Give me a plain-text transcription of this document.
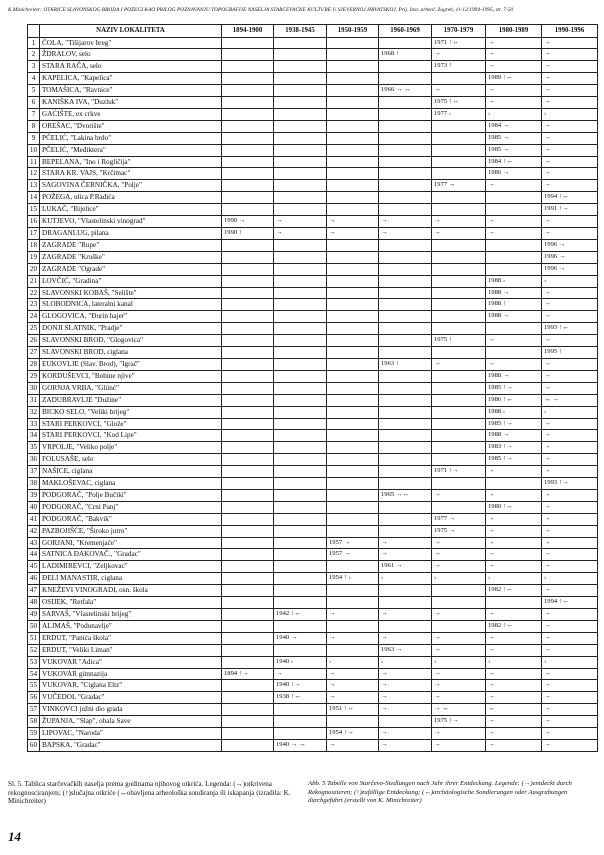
K.Minichreiter: OTKRIĆE SLAVONSKOG BRODA I POŽEGI KAO PRILOG POZNAVANJU TOPOGRAFIJE NASELJA STARČEVAČKE KULTURE U SJEVERNOJ HRVATSKOJ, Prij. Inst. arheol. Zagreb, 11-12/1994-1995, str. 7-50
	NAZIV LOKALITETA	1894-1900	1938-1945	1950-1959	1960-1969	1970-1979	1980-1989	1990-1996
1	ČOLA, "Tišijarov breg"					1971 ↑↔	→	→
2	ŽDRALOV, selo				1968 ↑	→	→	→
3	STARA RAČA, selo					1973 ↑	→	→
4	KAPELICA, "Kapelica"						1989 ↑↔	→
5	TOMAŠICA, "Ravnice"				1966 → ↔	→	→	→
6	KANIŠKA IVA, "Duzluk"					1975 ↑↔	→	→
7	GAĆIŠTE, ex crkve					1977 ›	›	›
8	OREŠAC, "Dvorište"						1984 →	→
9	PČELIĆ, "Lakina brdo"						1985 →	→
10	PČELIĆ, "Međiktera"						1985 →	→
11	BEPELANA, "Ino i Rogličija"						1984 ↑↔	→
12	STARA KR. VAJS, "Krčimac"						1986 →	→
13	SAGOVINA ČERNIČKA, "Polje"					1977 ↔	→	→
14	POŽEGA, ulica P.Radića							1994 ↑↔
15	LUKAČ, "Bijelice"							1991 ↑→
16	KUTJEVO, "Vlastelinski vinograd"	1990 →	→	→	→	→	→	→
17	DRAGANLUG, pilana	1990 ↑	→	→	→	→	→	→
18	ZAGRADE "Rupe"							1996 →
19	ZAGRADE "Kruške"							1996 →
20	ZAGRADE "Ograde"							1996 →
21	LOVČIĆ, "Gradina"						1988 ›	›
22	SLAVONSKI KOBAŠ, "Selište"						1988 →	→
23	SLOBODNICA, lateralni kanal						1988 ↑	→
24	GLOGOVICA, "Đurin hajer"						1988 →	→
25	DONJI SLATNIK, "Pradje"							1993 ↑↔
26	SLAVONSKI BROD, "Glogovica"					1975 ↑	→	→
27	SLAVONSKI BROD, ciglana							1995 ↑
28	EUKOVLJE (Slav. Brod), "Igrač"				1963 ↑	→	→	→
29	KORDUŠEVCI, "Bobine njive"						1988 →	→
30	GORNJA VRBA, "Gliinć"						1985 ↑→	→
31	ZADUBRAVLJE "Dužine"						1986 ↑↔	↔ →
32	BICKO SELO, "Veliki brijeg"						1988 ›	›
33	STARI PERKOVCI, "Glože"						1985 ↑→	→
34	STARI PERKOVCI, "Kod Lipe"						1988 →	→
35	VRPOLJE, "Veliko polje"						1983 ↑→	→
36	FOLUSAŠE, selo						1985 ↑→	→
37	NAŠICE, ciglana					1971 ↑→	→	→
38	MAKLOŠEVAC, ciglana							1993 ↑→
39	PODGORAČ, "Polje Bučiki"				1965 →↔	→	→	→
40	PODGORAČ, "Crni Panj"						1980 ↑↔	→
41	PODGORAČ, "Bakvik"					1977 →	→	→
42	PAZBOJIŠĆE, "Široko jutro"					1975 →	→	→
43	GORJANI, "Kremenjače"			1957 →	→	→	→	→
44	SATNICA ĐAKOVAČ., "Gradac"			1957 →	→	→	→	→
45	LADIMIREVCI, "Zeljkovac"				1961 →	→	→	→
46	ĐELI MANASTIR, ciglana			1954 ↑ ›	›	›	›	›
47	KNEŽEVI VINOGRADI, osn. škola						1982 ↑↔	→
48	OSIJEK, "Retfala"							1994 ↑↔
49	SARVAŠ, "Vlastelinski brijeg"		1942 ↑↔	→	→	→	→	→
50	ALJMAŠ, "Podunavlje"						1982 ↑↔	→
51	ERDUT, "Panića škola"		1940 →	→	→	→	→	→
52	ERDUT, "Veliki Liman"				1963 →	→	→	→
53	VUKOVAR "Adica"		1940 ›	›	›	›	›	›
54	VUKOVAR gimnazija	1894 ↑→	→	→	→	→	→	→
55	VUKOVAR, "Ciglana Eltz"		1940 ↑→	→	→	→	→	→
56	VUČEDOL "Gradac"		1938 ↑↔	→	→	→	→	→
57	VINKOVCI južni dio grada			1951 ↑↔	→	→ ↔	↔	→
58	ŽUPANJA, "Slap", obala Save					1975 ↑→	→	→
59	LIPOVAC, "Naroda"			1954 ↑→	→	→	→	→
60	BAPSKA, "Gradac"		1940 → ↔	→	→	→	→	→
Sl. 5. Tablica starčevačkih naselja prema godinama njihovog otkrića. Legenda: (→)otkrivena rekognosciranjem; (↑)slučajna otkriće (↔obavljena arheološka sondiranja ili iskapanja (izradila: K. Minichreiter)
Abb. 5 Tabelle von Starčevo-Siedlungen nach Jahr ihrer Entdeckung. Legende: (→)entdeckt durch Rekognoszieren; (↑)zufällige Entdeckung; (↔)archäologische Sondierungen oder Ausgrabungen durchgeführt (erstellt von K. Minichreiter)
14
